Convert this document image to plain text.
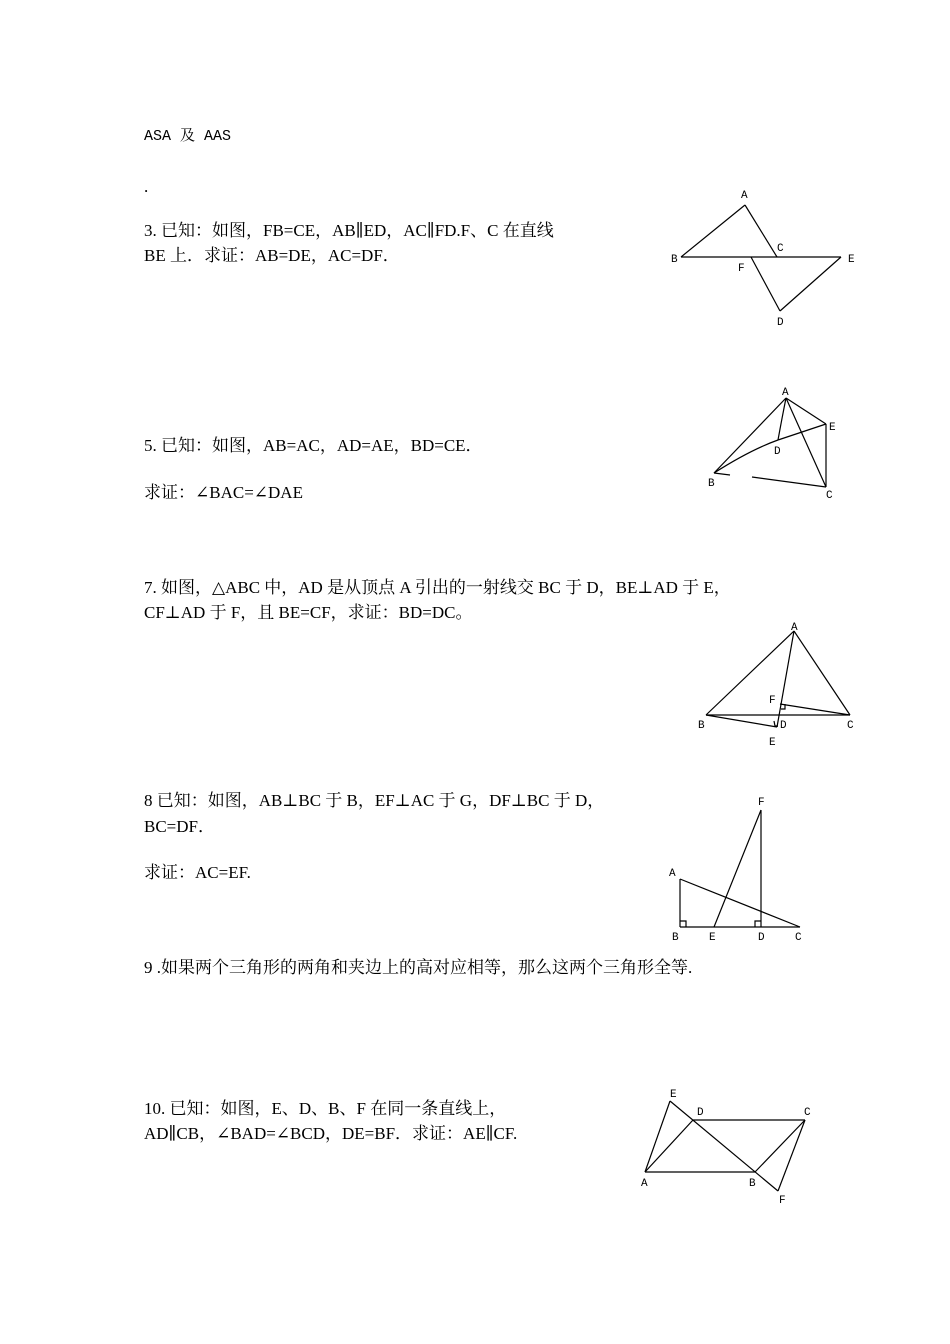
ASA 及 AAS
.
3. 已知：如图，FB=CE，AB∥ED，AC∥FD.F、C 在直线
BE 上．求证：AB=DE，AC=DF．
A
B
C
E
F
D
5. 已知：如图，AB=AC，AD=AE，BD=CE．
求证：∠BAC=∠DAE
A
E
D
B
C
7. 如图，△ABC 中，AD 是从顶点 A 引出的一射线交 BC 于 D，BE⊥AD 于 E，
CF⊥AD 于 F，且 BE=CF，求证：BD=DC。
A
F
B	D	C
E
8 已知：如图，AB⊥BC 于 B，EF⊥AC 于 G，DF⊥BC 于 D，
BC=DF．
求证：AC=EF.
F
A
B	E	D	C
9 .如果两个三角形的两角和夹边上的高对应相等，那么这两个三角形全等.
10. 已知：如图，E、D、B、F 在同一条直线上，
AD∥CB，∠BAD=∠BCD，DE=BF．求证：AE∥CF.
E
D	C
A	B
F
